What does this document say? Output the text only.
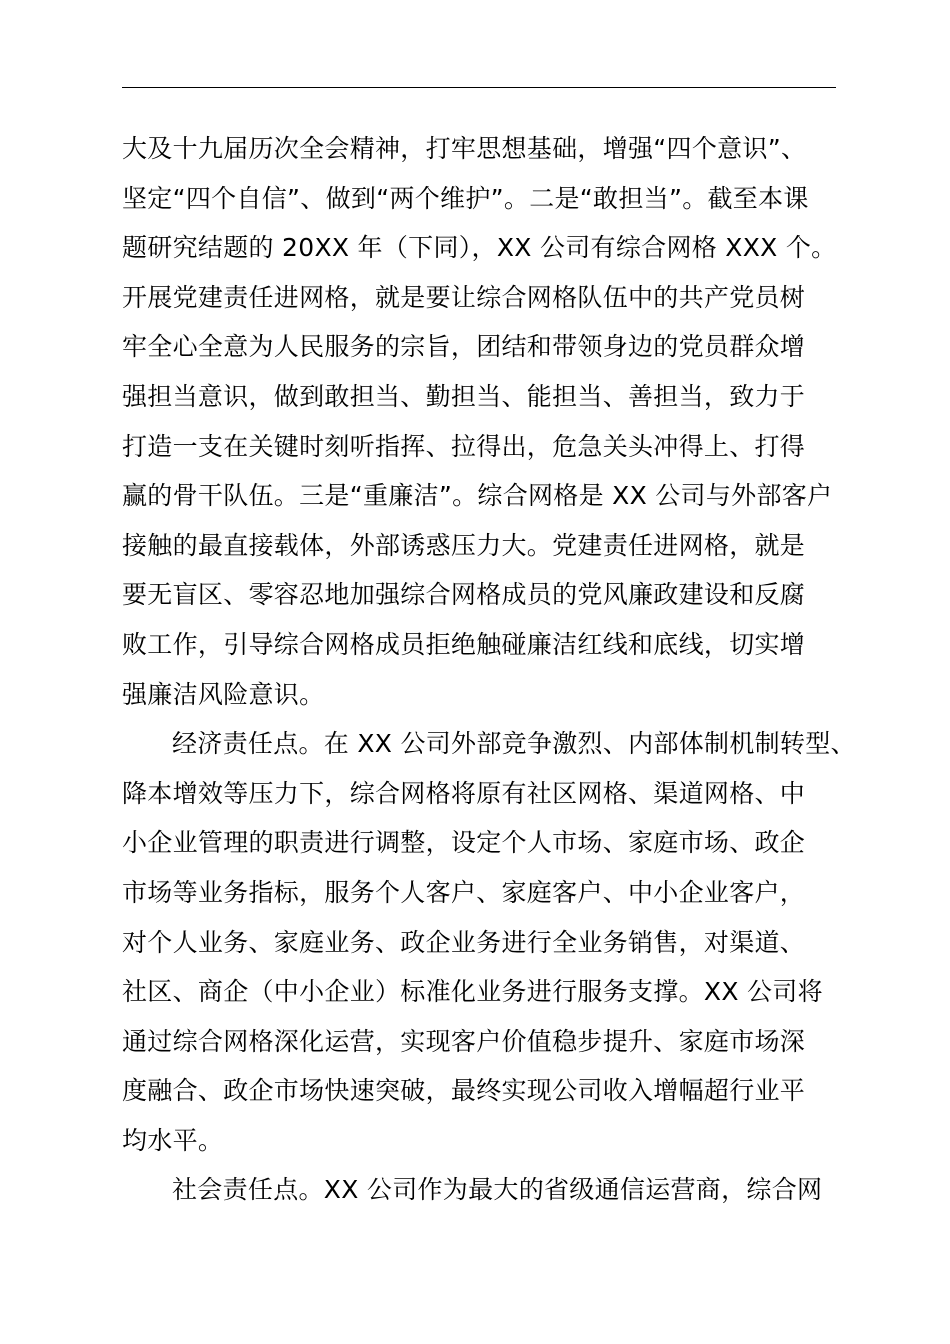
大及十九届历次全会精神，打牢思想基础，增强“四个意识”、
坚定“四个自信”、做到“两个维护”。二是“敢担当”。截至本课
题研究结题的 20XX 年（下同），XX 公司有综合网格 XXX 个。
开展党建责任进网格，就是要让综合网格队伍中的共产党员树
牢全心全意为人民服务的宗旨，团结和带领身边的党员群众增
强担当意识，做到敢担当、勤担当、能担当、善担当，致力于
打造一支在关键时刻听指挥、拉得出，危急关头冲得上、打得
赢的骨干队伍。三是“重廉洁”。综合网格是 XX 公司与外部客户
接触的最直接载体，外部诱惑压力大。党建责任进网格，就是
要无盲区、零容忍地加强综合网格成员的党风廉政建设和反腐
败工作，引导综合网格成员拒绝触碰廉洁红线和底线，切实增
强廉洁风险意识。
经济责任点。在 XX 公司外部竞争激烈、内部体制机制转型、
降本增效等压力下，综合网格将原有社区网格、渠道网格、中
小企业管理的职责进行调整，设定个人市场、家庭市场、政企
市场等业务指标，服务个人客户、家庭客户、中小企业客户，
对个人业务、家庭业务、政企业务进行全业务销售，对渠道、
社区、商企（中小企业）标准化业务进行服务支撑。XX 公司将
通过综合网格深化运营，实现客户价值稳步提升、家庭市场深
度融合、政企市场快速突破，最终实现公司收入增幅超行业平
均水平。
社会责任点。XX 公司作为最大的省级通信运营商，综合网
